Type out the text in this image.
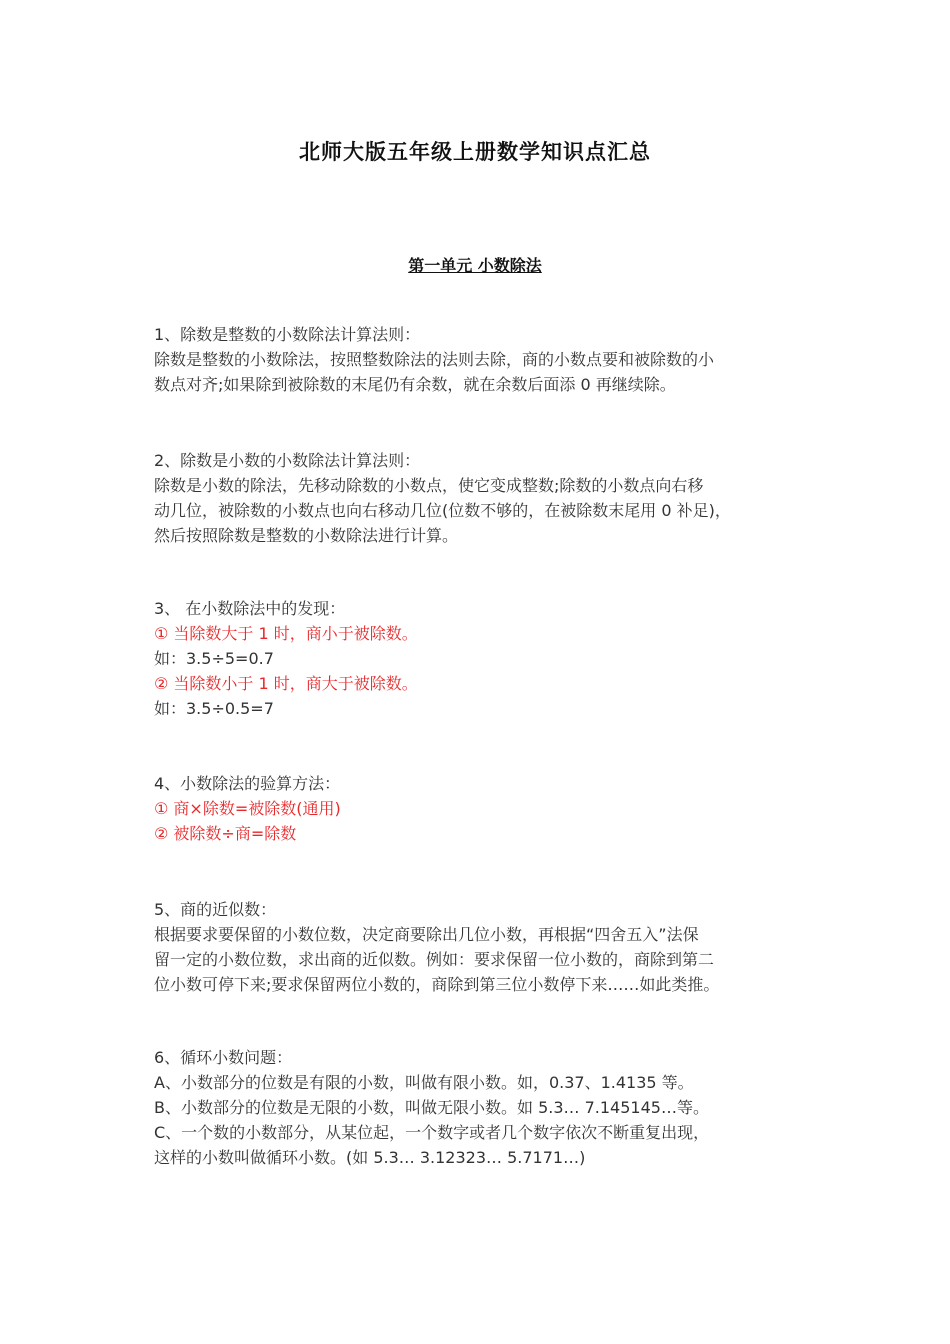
北师大版五年级上册数学知识点汇总
第一单元 小数除法
1、除数是整数的小数除法计算法则：
除数是整数的小数除法，按照整数除法的法则去除，商的小数点要和被除数的小
数点对齐;如果除到被除数的末尾仍有余数，就在余数后面添 0 再继续除。
2、除数是小数的小数除法计算法则：
除数是小数的除法，先移动除数的小数点，使它变成整数;除数的小数点向右移
动几位，被除数的小数点也向右移动几位(位数不够的，在被除数末尾用 0 补足)，
然后按照除数是整数的小数除法进行计算。
3、 在小数除法中的发现：
① 当除数大于 1 时，商小于被除数。
如：3.5÷5=0.7
② 当除数小于 1 时，商大于被除数。
如：3.5÷0.5=7
4、小数除法的验算方法：
① 商×除数=被除数(通用)
② 被除数÷商=除数
5、商的近似数：
根据要求要保留的小数位数，决定商要除出几位小数，再根据“四舍五入”法保
留一定的小数位数，求出商的近似数。例如：要求保留一位小数的，商除到第二
位小数可停下来;要求保留两位小数的，商除到第三位小数停下来……如此类推。
6、循环小数问题：
A、小数部分的位数是有限的小数，叫做有限小数。如，0.37、1.4135 等。
B、小数部分的位数是无限的小数，叫做无限小数。如 5.3… 7.145145…等。
C、一个数的小数部分，从某位起，一个数字或者几个数字依次不断重复出现，
这样的小数叫做循环小数。(如 5.3… 3.12323… 5.7171…)
